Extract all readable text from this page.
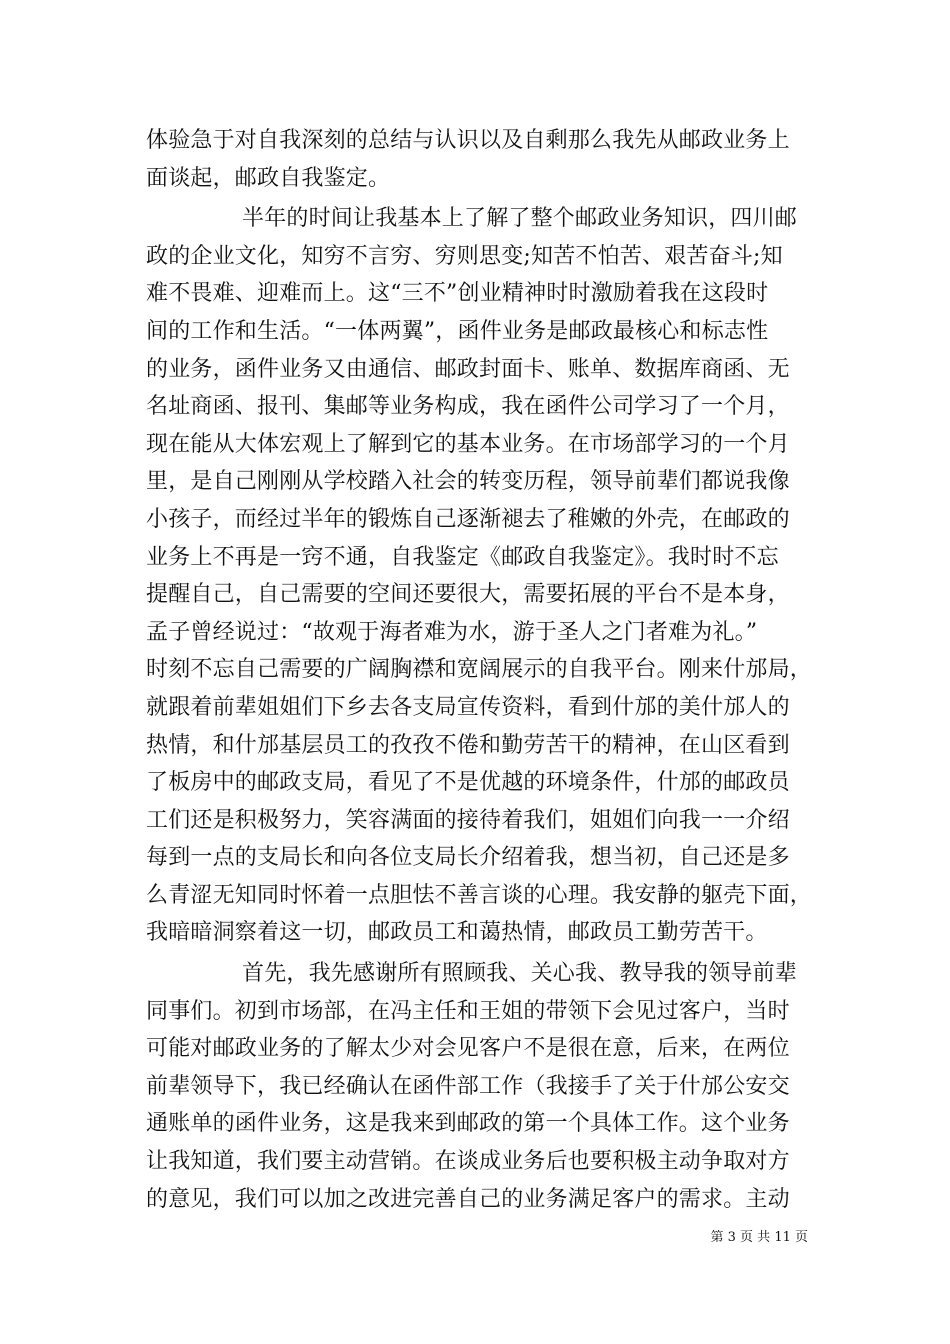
体验急于对自我深刻的总结与认识以及自剩那么我先从邮政业务上
面谈起，邮政自我鉴定。
半年的时间让我基本上了解了整个邮政业务知识，四川邮
政的企业文化，知穷不言穷、穷则思变;知苦不怕苦、艰苦奋斗;知
难不畏难、迎难而上。这“三不”创业精神时时激励着我在这段时
间的工作和生活。“一体两翼”，函件业务是邮政最核心和标志性
的业务，函件业务又由通信、邮政封面卡、账单、数据库商函、无
名址商函、报刊、集邮等业务构成，我在函件公司学习了一个月，
现在能从大体宏观上了解到它的基本业务。在市场部学习的一个月
里，是自己刚刚从学校踏入社会的转变历程，领导前辈们都说我像
小孩子，而经过半年的锻炼自己逐渐褪去了稚嫩的外壳，在邮政的
业务上不再是一窍不通，自我鉴定《邮政自我鉴定》。我时时不忘
提醒自己，自己需要的空间还要很大，需要拓展的平台不是本身，
孟子曾经说过：“故观于海者难为水，游于圣人之门者难为礼。”
时刻不忘自己需要的广阔胸襟和宽阔展示的自我平台。刚来什邡局，
就跟着前辈姐姐们下乡去各支局宣传资料，看到什邡的美什邡人的
热情，和什邡基层员工的孜孜不倦和勤劳苦干的精神，在山区看到
了板房中的邮政支局，看见了不是优越的环境条件，什邡的邮政员
工们还是积极努力，笑容满面的接待着我们，姐姐们向我一一介绍
每到一点的支局长和向各位支局长介绍着我，想当初，自己还是多
么青涩无知同时怀着一点胆怯不善言谈的心理。我安静的躯壳下面，
我暗暗洞察着这一切，邮政员工和蔼热情，邮政员工勤劳苦干。
首先，我先感谢所有照顾我、关心我、教导我的领导前辈
同事们。初到市场部，在冯主任和王姐的带领下会见过客户，当时
可能对邮政业务的了解太少对会见客户不是很在意，后来，在两位
前辈领导下，我已经确认在函件部工作（我接手了关于什邡公安交
通账单的函件业务，这是我来到邮政的第一个具体工作。这个业务
让我知道，我们要主动营销。在谈成业务后也要积极主动争取对方
的意见，我们可以加之改进完善自己的业务满足客户的需求。主动
第 3 页 共 11 页
